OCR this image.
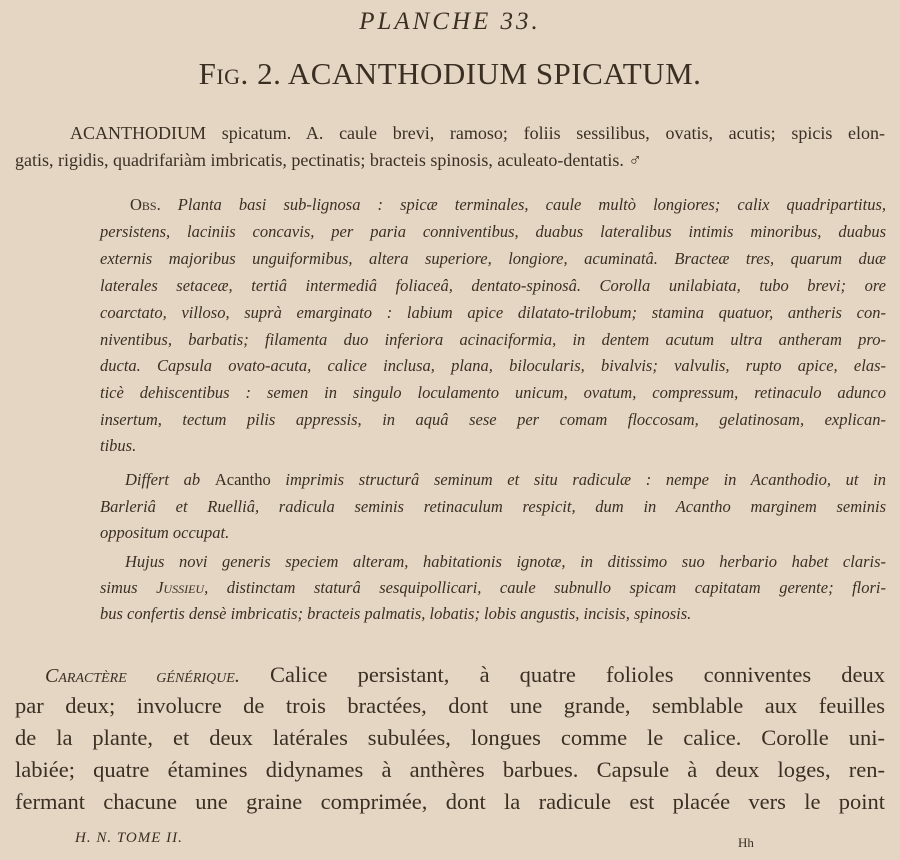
PLANCHE 33.
Fig. 2. ACANTHODIUM SPICATUM.
ACANTHODIUM spicatum. A. caule brevi, ramoso; foliis sessilibus, ovatis, acutis; spicis elon-
gatis, rigidis, quadrifariàm imbricatis, pectinatis; bracteis spinosis, aculeato-dentatis. ♂
Obs. Planta basi sub-lignosa : spicæ terminales, caule multò longiores; calix quadripartitus,
persistens, laciniis concavis, per paria conniventibus, duabus lateralibus intimis minoribus, duabus
externis majoribus unguiformibus, altera superiore, longiore, acuminatâ. Bracteæ tres, quarum duæ
laterales setaceæ, tertiâ intermediâ foliaceâ, dentato-spinosâ. Corolla unilabiata, tubo brevi; ore
coarctato, villoso, suprà emarginato : labium apice dilatato-trilobum; stamina quatuor, antheris con-
niventibus, barbatis; filamenta duo inferiora acinaciformia, in dentem acutum ultra antheram pro-
ducta. Capsula ovato-acuta, calice inclusa, plana, bilocularis, bivalvis; valvulis, rupto apice, elas-
ticè dehiscentibus : semen in singulo loculamento unicum, ovatum, compressum, retinaculo adunco
insertum, tectum pilis appressis, in aquâ sese per comam floccosam, gelatinosam, explican-
tibus.
Differt ab Acantho imprimis structurâ seminum et situ radiculæ : nempe in Acanthodio, ut in
Barleriâ et Ruelliâ, radicula seminis retinaculum respicit, dum in Acantho marginem seminis
oppositum occupat.
Hujus novi generis speciem alteram, habitationis ignotæ, in ditissimo suo herbario habet claris-
simus Jussieu, distinctam staturâ sesquipollicari, caule subnullo spicam capitatam gerente; flori-
bus confertis densè imbricatis; bracteis palmatis, lobatis; lobis angustis, incisis, spinosis.
Caractère générique. Calice persistant, à quatre folioles conniventes deux
par deux; involucre de trois bractées, dont une grande, semblable aux feuilles
de la plante, et deux latérales subulées, longues comme le calice. Corolle uni-
labiée; quatre étamines didynames à anthères barbues. Capsule à deux loges, ren-
fermant chacune une graine comprimée, dont la radicule est placée vers le point
H. N. TOME II.	Hh
